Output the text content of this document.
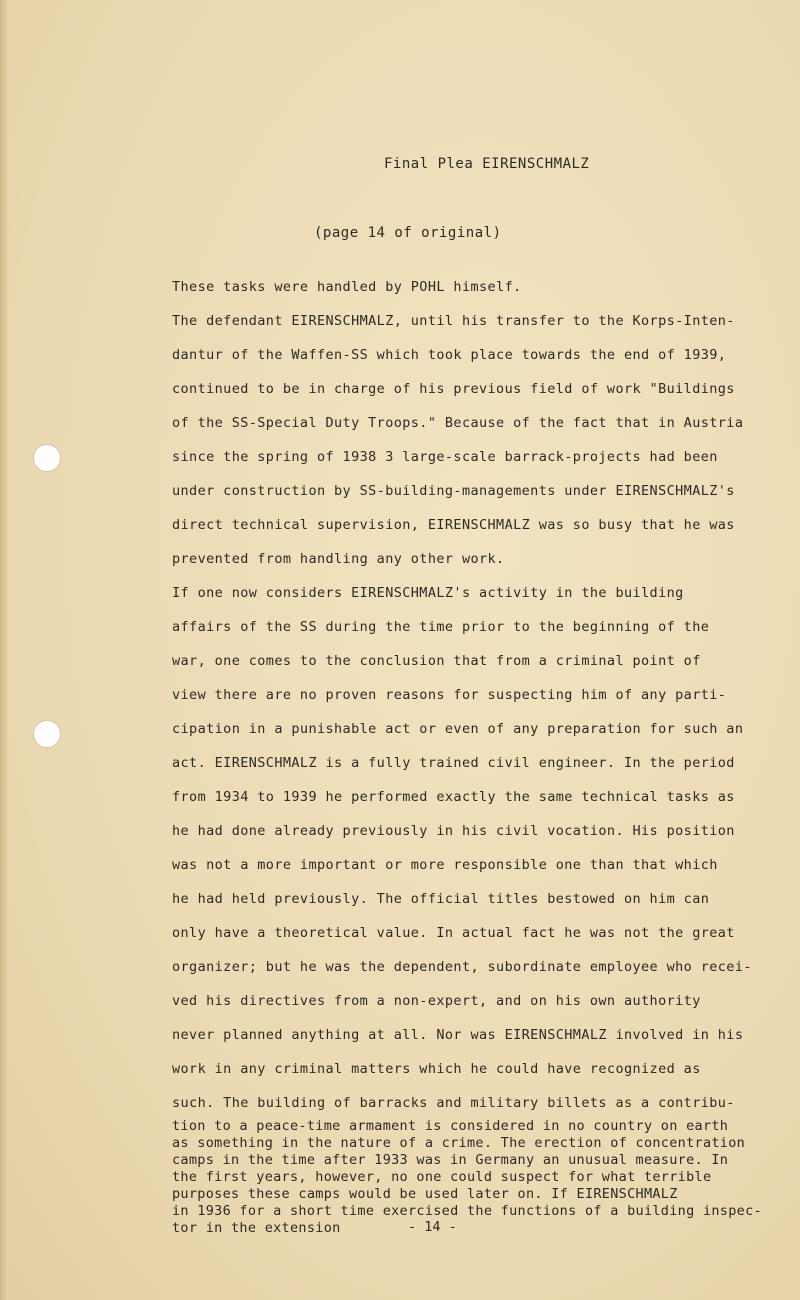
Final Plea EIRENSCHMALZ
(page 14 of original)
These tasks were handled by POHL himself.
The defendant EIRENSCHMALZ, until his transfer to the Korps-Inten-
dantur of the Waffen-SS which took place towards the end of 1939,
continued to be in charge of his previous field of work "Buildings
of the SS-Special Duty Troops." Because of the fact that in Austria
since the spring of 1938 3 large-scale barrack-projects had been
under construction by SS-building-managements under EIRENSCHMALZ's
direct technical supervision, EIRENSCHMALZ was so busy that he was
prevented from handling any other work.
If one now considers EIRENSCHMALZ's activity in the building
affairs of the SS during the time prior to the beginning of the
war, one comes to the conclusion that from a criminal point of
view there are no proven reasons for suspecting him of any parti-
cipation in a punishable act or even of any preparation for such an
act. EIRENSCHMALZ is a fully trained civil engineer. In the period
from 1934 to 1939 he performed exactly the same technical tasks as
he had done already previously in his civil vocation. His position
was not a more important or more responsible one than that which
he had held previously. The official titles bestowed on him can
only have a theoretical value. In actual fact he was not the great
organizer; but he was the dependent, subordinate employee who recei-
ved his directives from a non-expert, and on his own authority
never planned anything at all. Nor was EIRENSCHMALZ involved in his
work in any criminal matters which he could have recognized as
such. The building of barracks and military billets as a contribu-
tion to a peace-time armament is considered in no country on earth
as something in the nature of a crime. The erection of concentration
camps in the time after 1933 was in Germany an unusual measure. In
the first years, however, no one could suspect for what terrible
purposes these camps would be used later on. If EIRENSCHMALZ
in 1936 for a short time exercised the functions of a building inspec-
tor in the extension	- 14 -
